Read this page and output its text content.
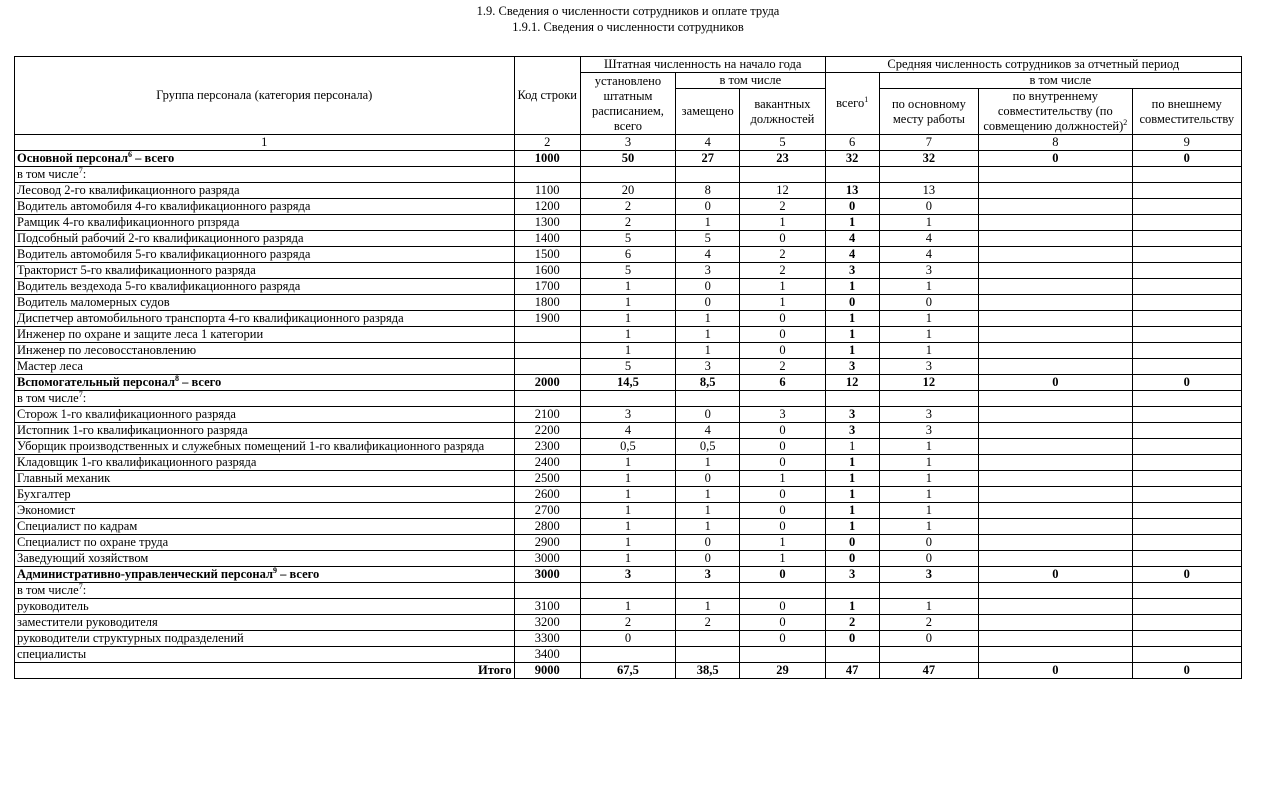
1.9. Сведения о численности сотрудников и оплате труда
1.9.1. Сведения о численности сотрудников
Группа персонала (категория персонала)	Код строки	Штатная численность на начало года			Средняя численность сотрудников за отчетный период			
		установлено штатным расписанием, всего	в том числе		всего$^1$	в том числе		
			замещено	вакантных должностей		по основному месту работы	по внутреннему совместительству (по совмещению должностей)$^2$	по внешнему совместительству
1	2	3	4	5	6	7	8	9
Основной персонал$^6$ – всего	1000	50	27	23	32	32	0	0
в том числе$^7$:								
Лесовод 2-го квалификационного разряда	1100	20	8	12	13	13		
Водитель автомобиля 4-го квалификационного разряда	1200	2	0	2	0	0		
Рамщик 4-го квалификационного рпзряда	1300	2	1	1	1	1		
Подсобный рабочий 2-го квалификационного разряда	1400	5	5	0	4	4		
Водитель автомобиля 5-го квалификационного разряда	1500	6	4	2	4	4		
Тракторист 5-го квалификационного разряда	1600	5	3	2	3	3		
Водитель вездехода 5-го квалификационного разряда	1700	1	0	1	1	1		
Водитель маломерных судов	1800	1	0	1	0	0		
Диспетчер автомобильного транспорта 4-го квалификационного разряда	1900	1	1	0	1	1		
Инженер по охране и защите леса 1 категории		1	1	0	1	1		
Инженер по лесовосстановлению		1	1	0	1	1		
Мастер леса		5	3	2	3	3		
Вспомогательный персонал$^8$ – всего	2000	14,5	8,5	6	12	12	0	0
в том числе$^7$:								
Сторож 1-го квалификационного разряда	2100	3	0	3	3	3		
Истопник 1-го квалификационного разряда	2200	4	4	0	3	3		
Уборщик производственных и служебных помещений 1-го квалификационного разряда	2300	0,5	0,5	0	1	1		
Кладовщик 1-го квалификационного разряда	2400	1	1	0	1	1		
Главный механик	2500	1	0	1	1	1		
Бухгалтер	2600	1	1	0	1	1		
Экономист	2700	1	1	0	1	1		
Специалист по кадрам	2800	1	1	0	1	1		
Специалист по охране труда	2900	1	0	1	0	0		
Заведующий хозяйством	3000	1	0	1	0	0		
Административно-управленческий персонал$^9$ – всего	3000	3	3	0	3	3	0	0
в том числе$^7$:								
руководитель	3100	1	1	0	1	1		
заместители руководителя	3200	2	2	0	2	2		
руководители структурных подразделений	3300	0		0	0	0		
специалисты	3400							
Итого	9000	67,5	38,5	29	47	47	0	0
